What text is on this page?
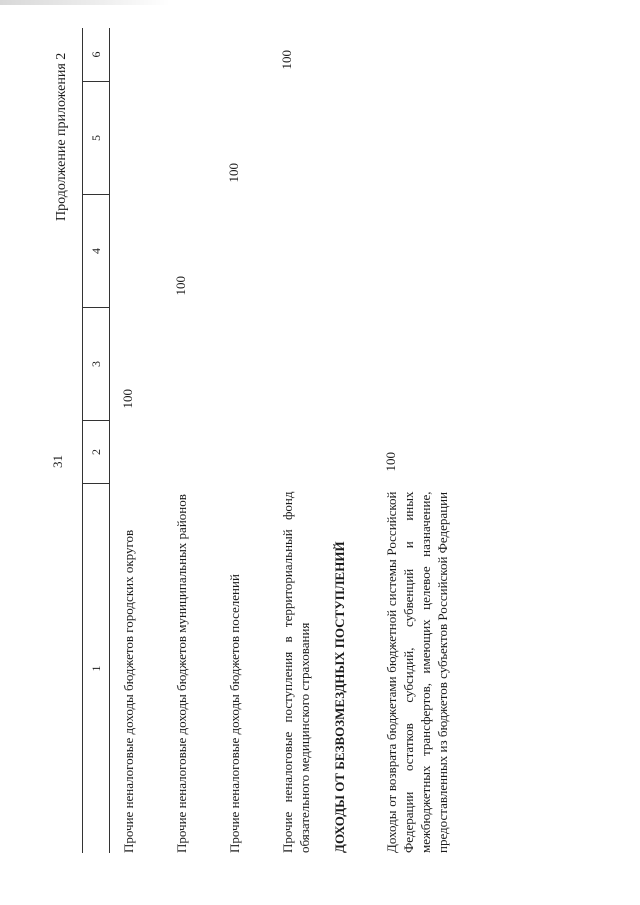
31
Продолжение приложения 2
1	2	3	4	5	6

Прочие неналоговые доходы бюджетов городских округов		100			

Прочие неналоговые доходы бюджетов муниципальных районов			100		

Прочие неналоговые доходы бюджетов поселений				100	

Прочие неналоговые поступления в территориальный фонд обязательного медицинского страхования					100

ДОХОДЫ ОТ БЕЗВОЗМЕЗДНЫХ ПОСТУПЛЕНИЙ					

Доходы от возврата бюджетами бюджетной системы Российской Федерации остатков субсидий, субвенций и иных межбюджетных трансфертов, имеющих целевое назначение, предоставленных из бюджетов субъектов Российской Федерации	100				
